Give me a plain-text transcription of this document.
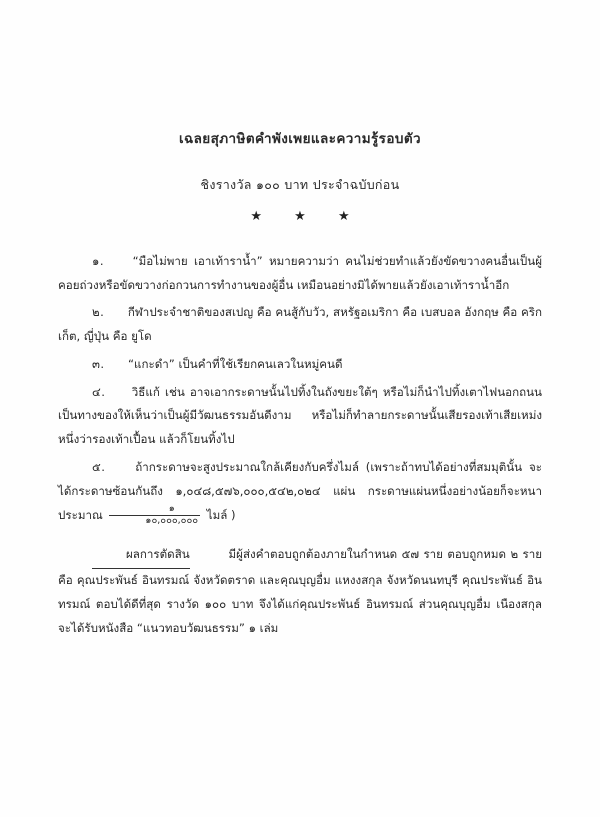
เฉลยสุภาษิตคำพังเพยและความรู้รอบตัว
ชิงรางวัล ๑๐๐ บาท ประจำฉบับก่อน
★ ★ ★

๑. “มือไม่พาย เอาเท้าราน้ำ” หมายความว่า คนไม่ช่วยทำแล้วยังขัดขวางคนอื่นเป็นผู้คอยถ่วงหรือขัดขวางก่อกวนการทำงานของผู้อื่น เหมือนอย่างมิได้พายแล้วยังเอาเท้าราน้ำอีก

๒. กีฬาประจำชาติของสเปญ คือ คนสู้กับวัว, สหรัฐอเมริกา คือ เบสบอล อังกฤษ คือ คริกเก็ต, ญี่ปุ่น คือ ยูโด

๓. “แกะดำ” เป็นคำที่ใช้เรียกคนเลวในหมู่คนดี

๔. วิธีแก้ เช่น อาจเอากระดาษนั้นไปทิ้งในถังขยะใต้ๆ หรือไม่ก็นำไปทิ้งเตาไฟนอกถนน เป็นทางของให้เห็นว่าเป็นผู้มีวัฒนธรรมอันดีงาม หรือไม่ก็ทำลายกระดาษนั้นเสียรองเท้าเสียเหม่งหนึ่งว่ารองเท้าเปื้อน แล้วก็โยนทิ้งไป

๕.	ถ้ากระดาษจะสูงประมาณใกล้เคียงกับครึ่งไมล์ (เพราะถ้าทบได้อย่างที่สมมุตินั้น จะได้กระดาษซ้อนกันถึง ๑,๐๔๘,๕๗๖,๐๐๐,๕๔๒,๐๒๔ แผ่น กระดาษแผ่นหนึ่งอย่างน้อยก็จะหนาประมาณ $\frac{๑}{๑๐,๐๐๐,๐๐๐}$ ไมล์ )

ผลการตัดสิน	มีผู้ส่งคำตอบถูกต้องภายในกำหนด ๕๗ ราย ตอบถูกหมด ๒ ราย คือ คุณประพันธ์ อินทรมณ์ จังหวัดตราด และคุณบุญอื่ม แหงงสกุล จังหวัดนนทบุรี คุณประพันธ์ อินทรมณ์ ตอบได้ดีที่สุด รางวัด ๑๐๐ บาท จึงได้แก่คุณประพันธ์ อินทรมณ์ ส่วนคุณบุญอื่ม เนืองสกุล จะได้รับหนังสือ “แนวทอบวัฒนธรรม” ๑ เล่ม
